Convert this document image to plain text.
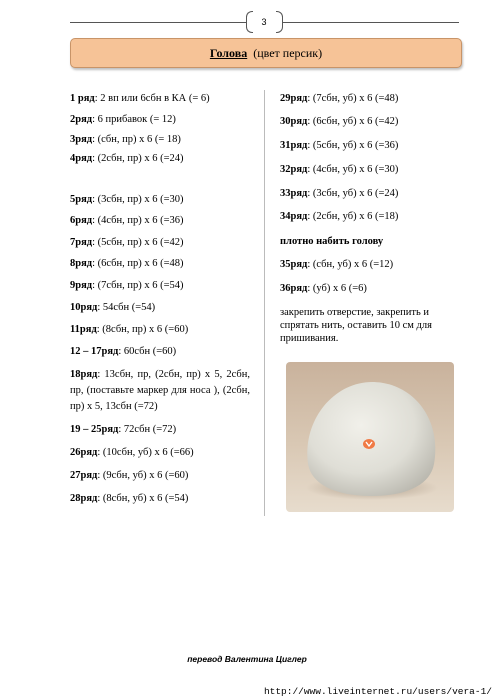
3
Голова (цвет персик)
1 ряд: 2 вп или 6сбн в КА (= 6)
2ряд: 6 прибавок (= 12)
3ряд: (сбн, пр) х 6 (= 18)
4ряд: (2сбн, пр) х 6 (=24)
5ряд: (3сбн, пр) х 6 (=30)
6ряд: (4сбн, пр) х 6 (=36)
7ряд: (5сбн, пр) х 6 (=42)
8ряд: (6сбн, пр) х 6 (=48)
9ряд: (7сбн, пр) х 6 (=54)
10ряд: 54сбн (=54)
11ряд: (8сбн, пр) х 6 (=60)
12 – 17ряд: 60сбн (=60)
18ряд: 13сбн, пр, (2сбн, пр) х 5, 2сбн, пр, (поставьте маркер для носа ), (2сбн, пр) х 5, 13сбн (=72)
19 – 25ряд: 72сбн (=72)
26ряд: (10сбн, уб) х 6 (=66)
27ряд: (9сбн, уб) х 6 (=60)
28ряд: (8сбн, уб) х 6 (=54)
29ряд: (7сбн, уб) х 6 (=48)
30ряд: (6сбн, уб) х 6 (=42)
31ряд: (5сбн, уб) х 6 (=36)
32ряд: (4сбн, уб) х 6 (=30)
33ряд: (3сбн, уб) х 6 (=24)
34ряд: (2сбн, уб) х 6 (=18)
плотно набить голову
35ряд: (сбн, уб) х 6 (=12)
36ряд: (уб) х 6 (=6)
закрепить отверстие, закрепить и спрятать нить, оставить 10 см для пришивания.
перевод Валентина Циглер
http://www.liveinternet.ru/users/vera-1/
